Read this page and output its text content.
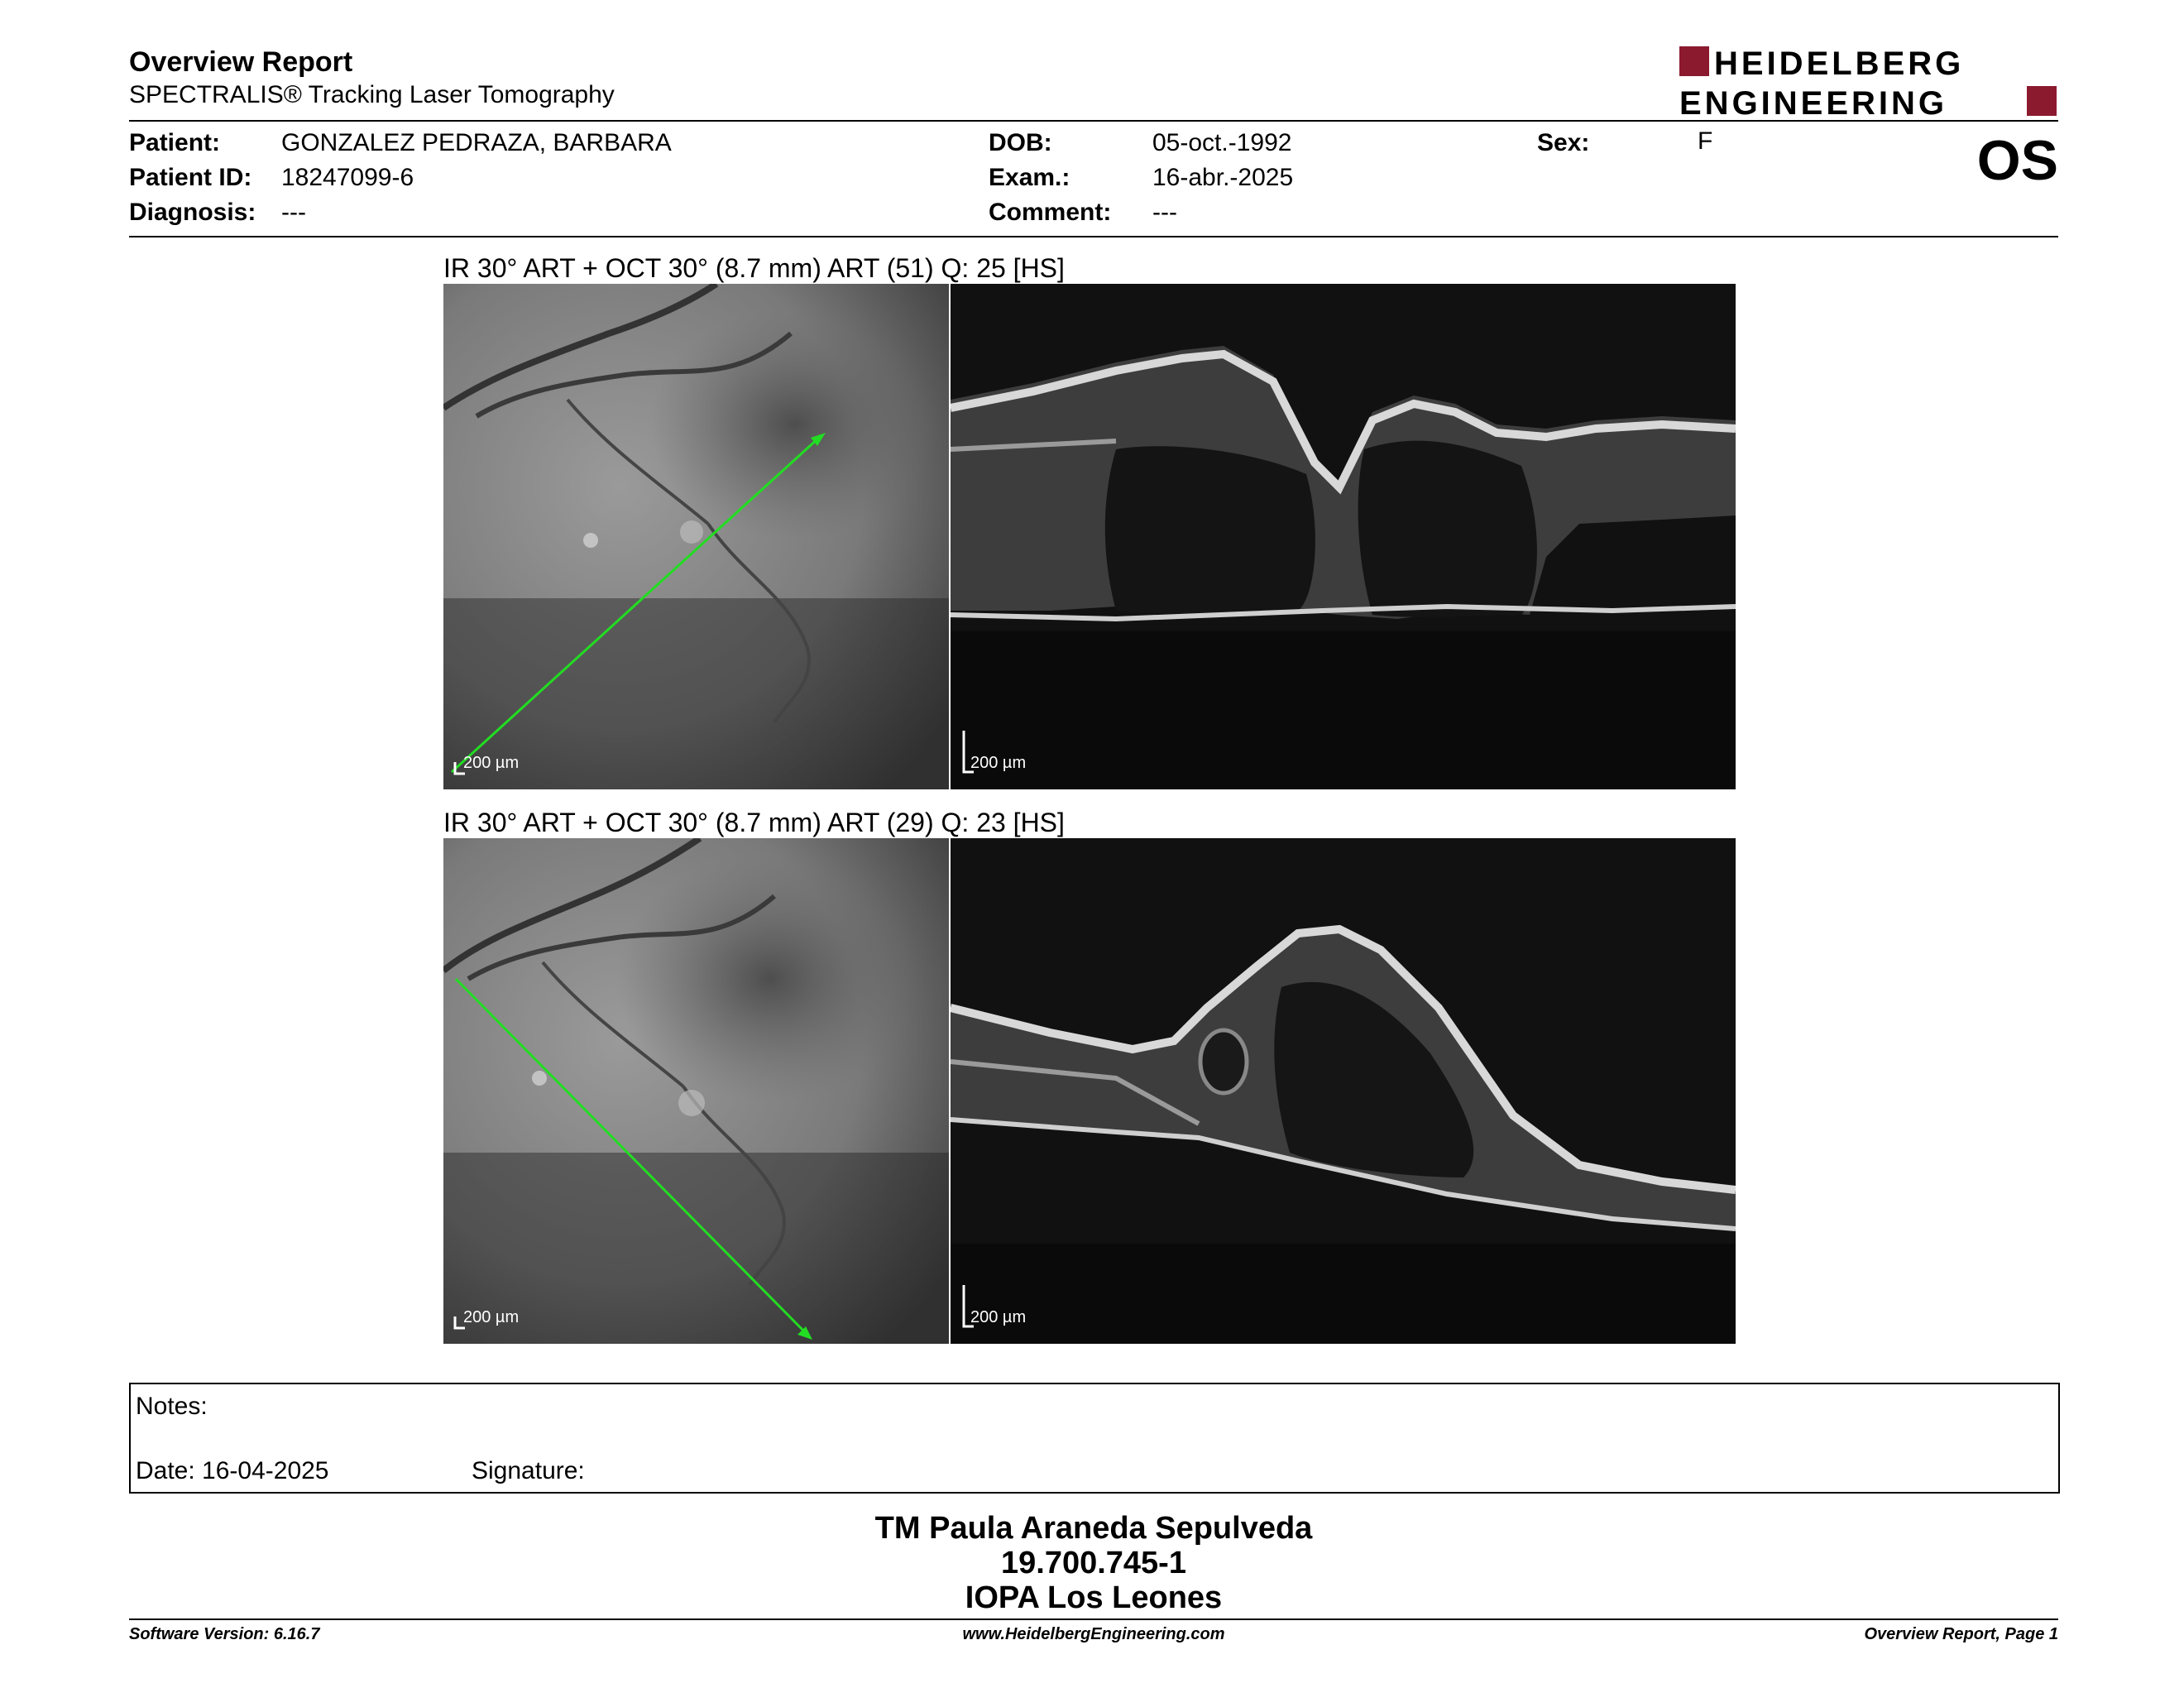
Overview Report
SPECTRALIS® Tracking Laser Tomography
HEIDELBERG
ENGINEERING
Patient: GONZALEZ PEDRAZA, BARBARA
Patient ID: 18247099-6
Diagnosis: ---
DOB:	05-oct.-1992
Exam.:	16-abr.-2025
Comment: ---
Sex:	F	OS
IR 30° ART + OCT 30° (8.7 mm) ART (51) Q: 25 [HS]
200 µm	200 µm
IR 30° ART + OCT 30° (8.7 mm) ART (29) Q: 23 [HS]
200 µm	200 µm
Notes:
Date: 16-04-2025	Signature:
TM Paula Araneda Sepulveda
19.700.745-1
IOPA Los Leones
Software Version: 6.16.7	www.HeidelbergEngineering.com	Overview Report, Page 1
